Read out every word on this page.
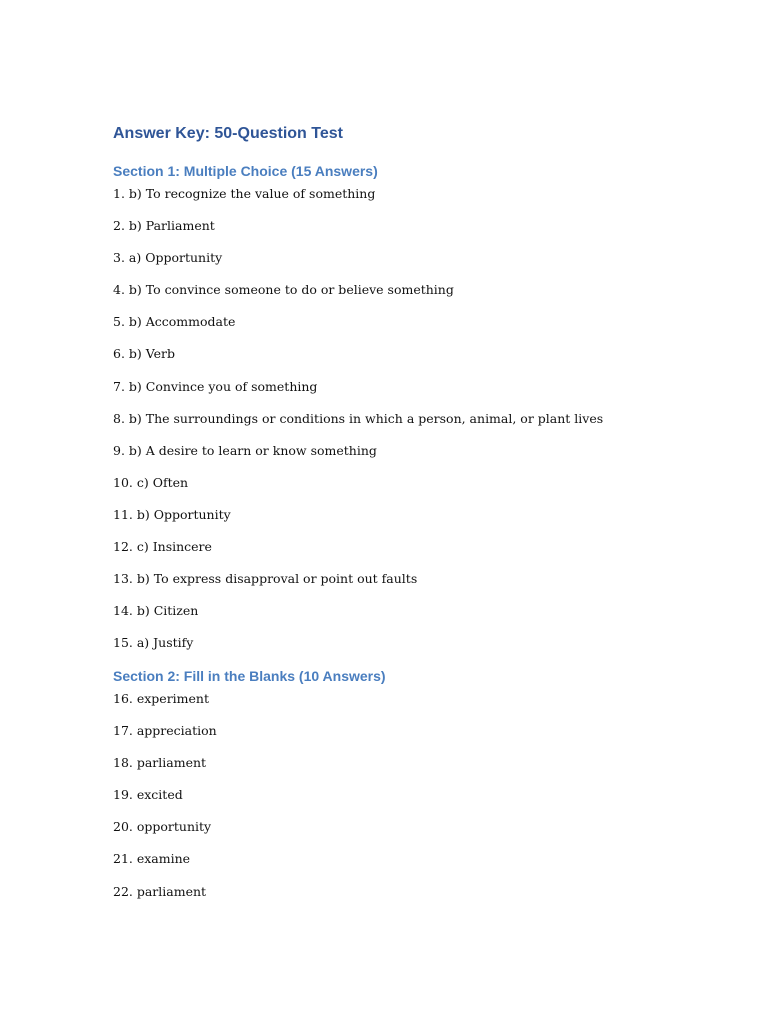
Answer Key: 50-Question Test
Section 1: Multiple Choice (15 Answers)
1. b) To recognize the value of something
2. b) Parliament
3. a) Opportunity
4. b) To convince someone to do or believe something
5. b) Accommodate
6. b) Verb
7. b) Convince you of something
8. b) The surroundings or conditions in which a person, animal, or plant lives
9. b) A desire to learn or know something
10. c) Often
11. b) Opportunity
12. c) Insincere
13. b) To express disapproval or point out faults
14. b) Citizen
15. a) Justify
Section 2: Fill in the Blanks (10 Answers)
16. experiment
17. appreciation
18. parliament
19. excited
20. opportunity
21. examine
22. parliament
